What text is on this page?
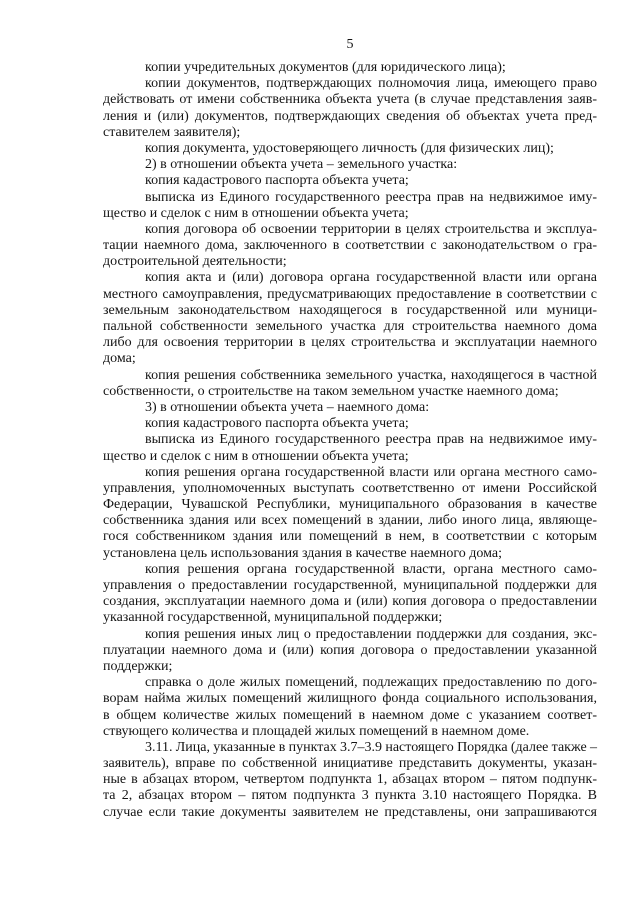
5
копии учредительных документов (для юридического лица);
копии документов, подтверждающих полномочия лица, имеющего право
действовать от имени собственника объекта учета (в случае представления заяв-
ления и (или) документов, подтверждающих сведения об объектах учета пред-
ставителем заявителя);
копия документа, удостоверяющего личность (для физических лиц);
2) в отношении объекта учета – земельного участка:
копия кадастрового паспорта объекта учета;
выписка из Единого государственного реестра прав на недвижимое иму-
щество и сделок с ним в отношении объекта учета;
копия договора об освоении территории в целях строительства и эксплуа-
тации наемного дома, заключенного в соответствии с законодательством о гра-
достроительной деятельности;
копия акта и (или) договора органа государственной власти или органа
местного самоуправления, предусматривающих предоставление в соответствии с
земельным законодательством находящегося в государственной или муници-
пальной собственности земельного участка для строительства наемного дома
либо для освоения территории в целях строительства и эксплуатации наемного
дома;
копия решения собственника земельного участка, находящегося в частной
собственности, о строительстве на таком земельном участке наемного дома;
3) в отношении объекта учета – наемного дома:
копия кадастрового паспорта объекта учета;
выписка из Единого государственного реестра прав на недвижимое иму-
щество и сделок с ним в отношении объекта учета;
копия решения органа государственной власти или органа местного само-
управления, уполномоченных выступать соответственно от имени Российской
Федерации, Чувашской Республики, муниципального образования в качестве
собственника здания или всех помещений в здании, либо иного лица, являюще-
гося собственником здания или помещений в нем, в соответствии с которым
установлена цель использования здания в качестве наемного дома;
копия решения органа государственной власти, органа местного само-
управления о предоставлении государственной, муниципальной поддержки для
создания, эксплуатации наемного дома и (или) копия договора о предоставлении
указанной государственной, муниципальной поддержки;
копия решения иных лиц о предоставлении поддержки для создания, экс-
плуатации наемного дома и (или) копия договора о предоставлении указанной
поддержки;
справка о доле жилых помещений, подлежащих предоставлению по дого-
ворам найма жилых помещений жилищного фонда социального использования,
в общем количестве жилых помещений в наемном доме с указанием соответ-
ствующего количества и площадей жилых помещений в наемном доме.
3.11. Лица, указанные в пунктах 3.7–3.9 настоящего Порядка (далее также –
заявитель), вправе по собственной инициативе представить документы, указан-
ные в абзацах втором, четвертом подпункта 1, абзацах втором – пятом подпунк-
та 2, абзацах втором – пятом подпункта 3 пункта 3.10 настоящего Порядка. В
случае если такие документы заявителем не представлены, они запрашиваются
